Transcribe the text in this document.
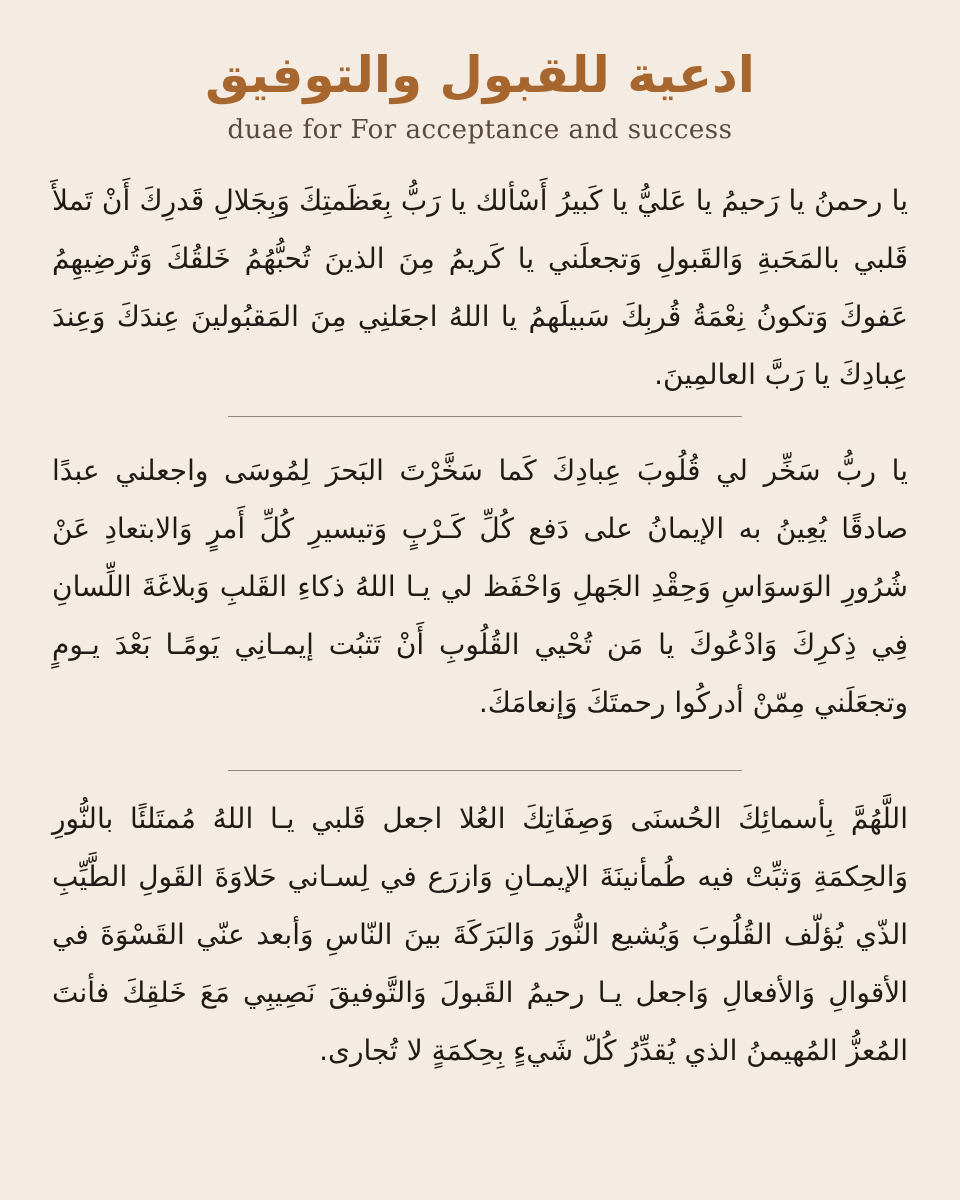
ادعية للقبول والتوفيق
duae for For acceptance and success
يا رحمنُ يا رَحيمُ يا عَليُّ يا كَبيرُ أَسْألك يا رَبُّ بِعَظَمتِكَ وَبِجَلالِ قَدرِكَ أَنْ تَملأَ قَلبي بالمَحَبةِ وَالقَبولِ وَتجعلَني يا كَريمُ مِنَ الذينَ تُحبُّهُمُ خَلقُكَ وَتُرضِيهِمُ عَفوكَ وَتكونُ نِعْمَةُ قُربِكَ سَبيلَهمُ يا اللهُ اجعَلنِي مِنَ المَقبُولينَ عِندَكَ وَعِندَ عِبادِكَ يا رَبَّ العالمِينَ.
يا ربُّ سَخِّر لي قُلُوبَ عِبادِكَ كَما سَخَّرْتَ البَحرَ لِمُوسَى واجعلني عبدًا صادقًا يُعِينُ به الإيمانُ على دَفع كُلِّ كَـرْبٍ وَتيسيرِ كُلِّ أَمرٍ وَالابتعادِ عَنْ شُرُورِ الوَسوَاسِ وَحِقْدِ الجَهلِ وَاحْفَظ لي يـا اللهُ ذكاءِ القَلبِ وَبلاغَةَ اللِّسانِ فِي ذِكرِكَ وَادْعُوكَ يا مَن تُحْيي القُلُوبِ أَنْ تَثبُت إيمـانِي يَومًـا بَعْدَ يـومٍ وتجعَلَني مِمّنْ أدركُوا رحمتَكَ وَإنعامَكَ.
اللَّهُمَّ بِأسمائِكَ الحُسنَى وَصِفَاتِكَ العُلا اجعل قَلبي يـا اللهُ مُمتَلئًا بالنُّورِ وَالحِكمَةِ وَثبِّتْ فيه طُمأنينَةَ الإيمـانِ وَازرَع في لِسـاني حَلاوَةَ القَولِ الطَّيِّبِ الذّي يُؤلّف القُلُوبَ وَيُشيع النُّورَ وَالبَرَكَةَ بينَ النّاسِ وَأبعد عنّي القَسْوَةَ في الأقوالِ وَالأفعالِ وَاجعل يـا رحيمُ القَبولَ وَالتَّوفيقَ نَصِيبِي مَعَ خَلقِكَ فأنتَ المُعزُّ المُهيمنُ الذي يُقدِّرُ كُلّ شَيءٍ بِحِكمَةٍ لا تُجارى.
